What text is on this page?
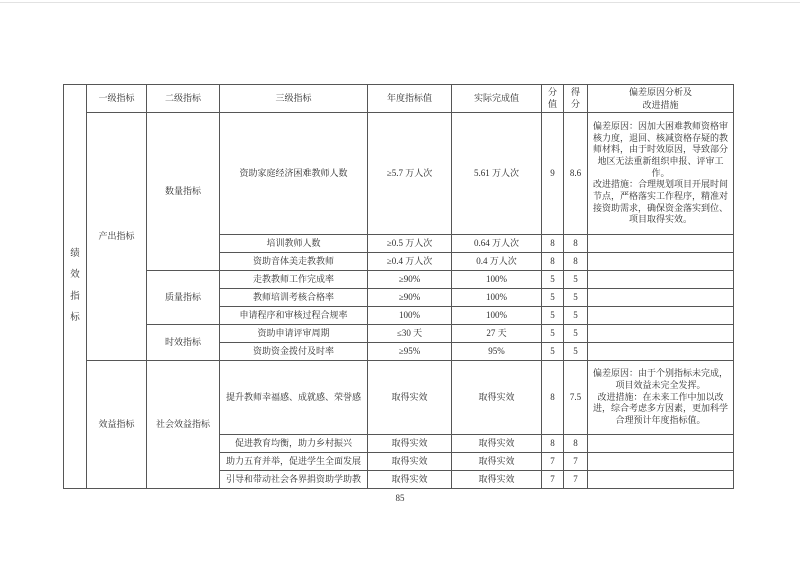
绩
效
指
标
	一级指标	二级指标	三级指标	年度指标值	实际完成值	分值	得分	
偏差原因分析及
改进措施

	产出指标	数量指标	资助家庭经济困难教师人数	≥5.7 万人次	5.61 万人次	9	8.6	偏差原因：因加大困难教师资格审核力度，退回、核减资格存疑的教师材料，由于时效原因，导致部分地区无法重新组织申报、评审工作。
改进措施：合理规划项目开展时间节点，严格落实工作程序，精准对接资助需求，确保资金落实到位、项目取得实效。

			培训教师人数	≥0.5 万人次	0.64 万人次	8	8	
			资助音体美走教教师	≥0.4 万人次	0.4 万人次	8	8	
		质量指标	走教教师工作完成率	≥90%	100%	5	5	
			教师培训考核合格率	≥90%	100%	5	5	
			申请程序和审核过程合规率	100%	100%	5	5	
		时效指标	资助申请评审周期	≤30 天	27 天	5	5	
			资助资金拨付及时率	≥95%	95%	5	5	
	效益指标	社会效益指标	提升教师幸福感、成就感、荣誉感	取得实效	取得实效	8	7.5	偏差原因：由于个别指标未完成，项目效益未完全发挥。
改进措施：在未来工作中加以改进，综合考虑多方因素，更加科学合理预计年度指标值。

			促进教育均衡，助力乡村振兴	取得实效	取得实效	8	8	
			助力五育并举，促进学生全面发展	取得实效	取得实效	7	7	
			引导和带动社会各界捐资助学助教	取得实效	取得实效	7	7	
85
